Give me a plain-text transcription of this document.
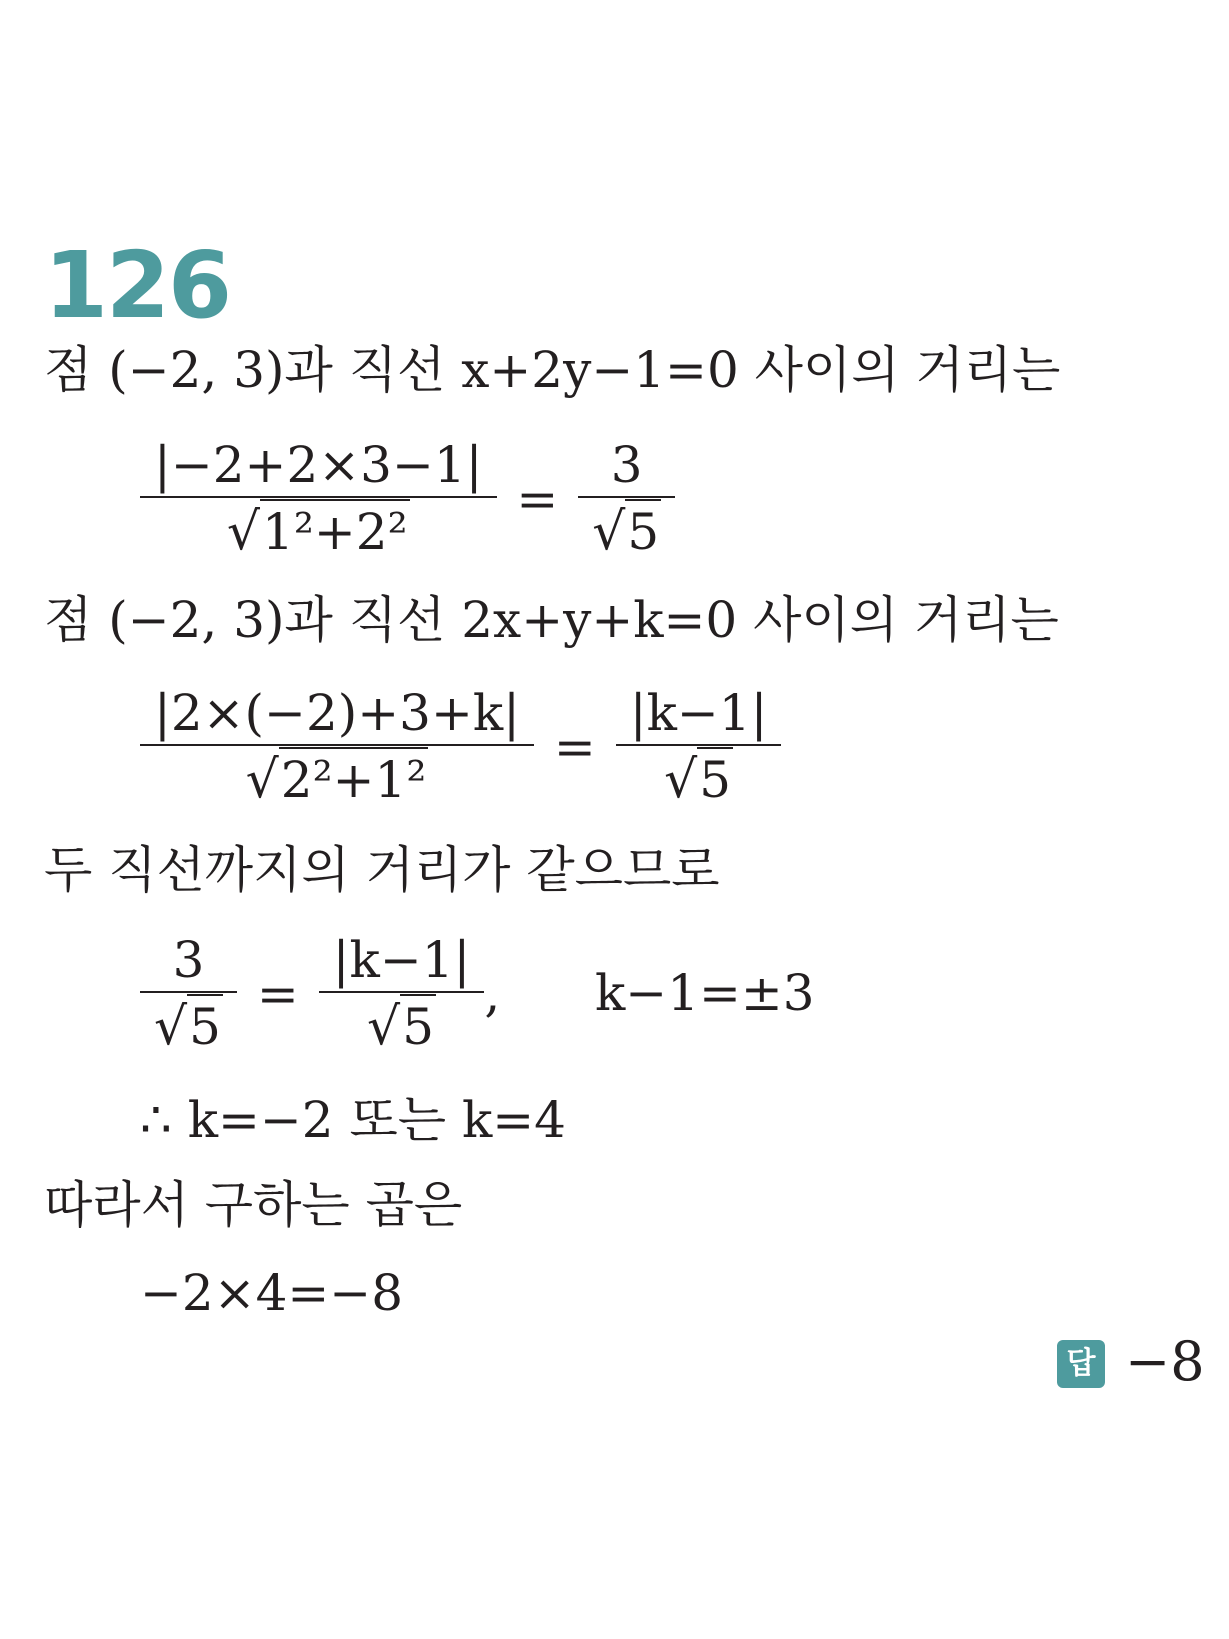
126
점 (−2, 3)과 직선 x+2y−1=0 사이의 거리는
$\frac{|-2+2\times 3-1|}{\text{√1²+2²}} = \frac{3}{√5}$
점 (−2, 3)과 직선 2x+y+k=0 사이의 거리는
$\frac{|2\times(-2)+3+k|}{\text{√2²+1²}} = \frac{|k-1|}{√5}$
두 직선까지의 거리가 같으므로
$\frac{3}{√5} = \frac{|k-1|}{√5}$ , k−1=±3
∴ k=−2 또는 k=4
따라서 구하는 곱은
−2×4=−8
답 −8
